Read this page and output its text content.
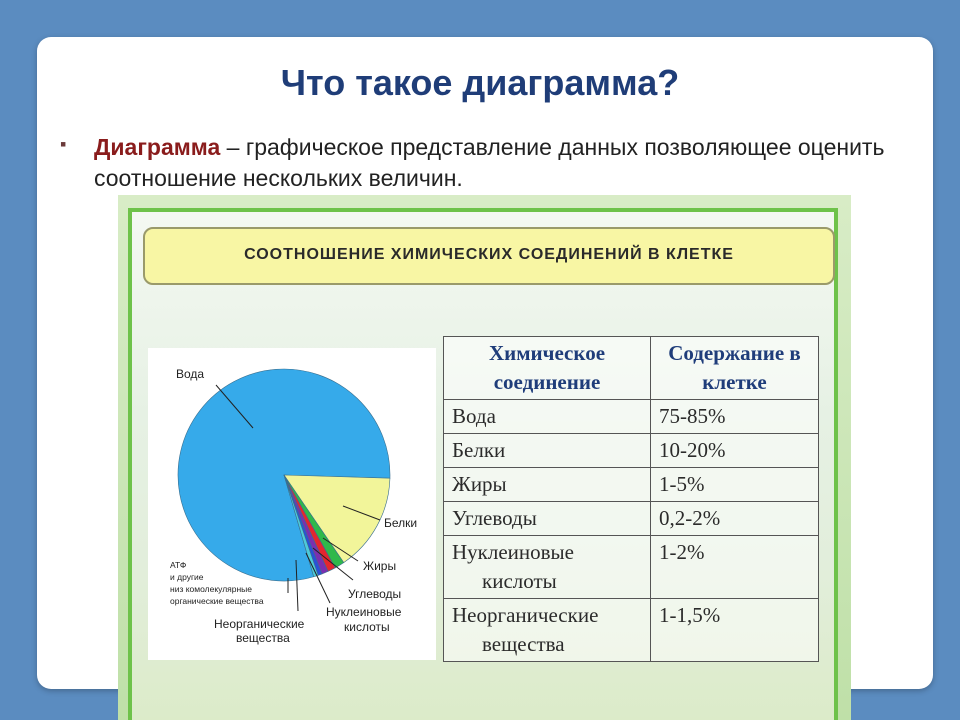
Что такое диаграмма?
▪ Диаграмма – графическое представление данных позволяющее оценить соотношение нескольких величин.
СООТНОШЕНИЕ ХИМИЧЕСКИХ СОЕДИНЕНИЙ В КЛЕТКЕ
Вода
Белки
Жиры
Углеводы
Нуклеиновые
кислоты
Неорганические
вещества
АТФ
и другие
низ комолекулярные
органические вещества
Химическое
соединение	Содержание в
клетке
Вода	75-85%
Белки	10-20%
Жиры	1-5%
Углеводы	0,2-2%
Нуклеиновые
кислоты	1-2%
Неорганические
вещества	1-1,5%
